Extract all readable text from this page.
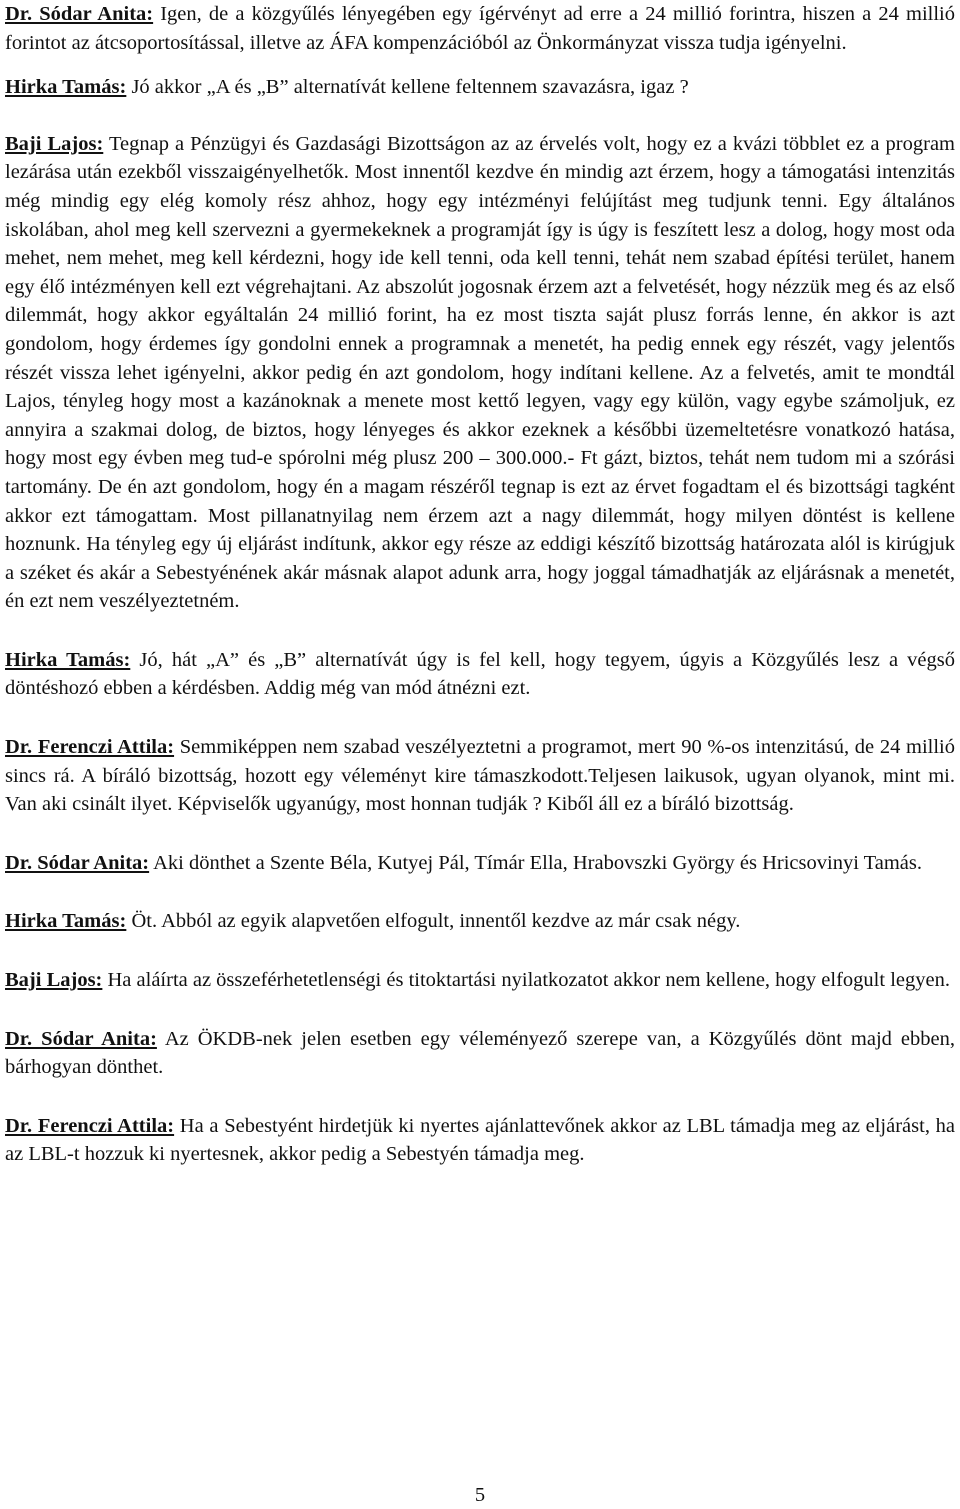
Dr. Sódar Anita: Igen, de a közgyűlés lényegében egy ígérvényt ad erre a 24 millió forintra, hiszen a 24 millió forintot az átcsoportosítással, illetve az ÁFA kompenzációból az Önkormányzat vissza tudja igényelni.

Hirka Tamás: Jó akkor „A és „B” alternatívát kellene feltennem szavazásra, igaz ?

Baji Lajos: Tegnap a Pénzügyi és Gazdasági Bizottságon az az érvelés volt, hogy ez a kvázi többlet ez a program lezárása után ezekből visszaigényelhetők. Most innentől kezdve én mindig azt érzem, hogy a támogatási intenzitás még mindig egy elég komoly rész ahhoz, hogy egy intézményi felújítást meg tudjunk tenni. Egy általános iskolában, ahol meg kell szervezni a gyermekeknek a programját így is úgy is feszített lesz a dolog, hogy most oda mehet, nem mehet, meg kell kérdezni, hogy ide kell tenni, oda kell tenni, tehát nem szabad építési terület, hanem egy élő intézményen kell ezt végrehajtani. Az abszolút jogosnak érzem azt a felvetését, hogy nézzük meg és az első dilemmát, hogy akkor egyáltalán 24 millió forint, ha ez most tiszta saját plusz forrás lenne, én akkor is azt gondolom, hogy érdemes így gondolni ennek a programnak a menetét, ha pedig ennek egy részét, vagy jelentős részét vissza lehet igényelni, akkor pedig én azt gondolom, hogy indítani kellene. Az a felvetés, amit te mondtál Lajos, tényleg hogy most a kazánoknak a menete most kettő legyen, vagy egy külön, vagy egybe számoljuk, ez annyira a szakmai dolog, de biztos, hogy lényeges és akkor ezeknek a későbbi üzemeltetésre vonatkozó hatása, hogy most egy évben meg tud-e spórolni még plusz 200 – 300.000.- Ft gázt, biztos, tehát nem tudom mi a szórási tartomány. De én azt gondolom, hogy én a magam részéről tegnap is ezt az érvet fogadtam el és bizottsági tagként akkor ezt támogattam. Most pillanatnyilag nem érzem azt a nagy dilemmát, hogy milyen döntést is kellene hoznunk. Ha tényleg egy új eljárást indítunk, akkor egy része az eddigi készítő bizottság határozata alól is kirúgjuk a széket és akár a Sebestyénének akár másnak alapot adunk arra, hogy joggal támadhatják az eljárásnak a menetét, én ezt nem veszélyeztetném.

Hirka Tamás: Jó, hát „A” és „B” alternatívát úgy is fel kell, hogy tegyem, úgyis a Közgyűlés lesz a végső döntéshozó ebben a kérdésben. Addig még van mód átnézni ezt.

Dr. Ferenczi Attila: Semmiképpen nem szabad veszélyeztetni a programot, mert 90 %-os intenzitású, de 24 millió sincs rá. A bíráló bizottság, hozott egy véleményt kire támaszkodott.Teljesen laikusok, ugyan olyanok, mint mi. Van aki csinált ilyet. Képviselők ugyanúgy, most honnan tudják ? Kiből áll ez a bíráló bizottság.

Dr. Sódar Anita: Aki dönthet a Szente Béla, Kutyej Pál, Tímár Ella, Hrabovszki György és Hricsovinyi Tamás.

Hirka Tamás: Öt. Abból az egyik alapvetően elfogult, innentől kezdve az már csak négy.

Baji Lajos: Ha aláírta az összeférhetetlenségi és titoktartási nyilatkozatot akkor nem kellene, hogy elfogult legyen.

Dr. Sódar Anita: Az ÖKDB-nek jelen esetben egy véleményező szerepe van, a Közgyűlés dönt majd ebben, bárhogyan dönthet.

Dr. Ferenczi Attila: Ha a Sebestyént hirdetjük ki nyertes ajánlattevőnek akkor az LBL támadja meg az eljárást, ha az LBL-t hozzuk ki nyertesnek, akkor pedig a Sebestyén támadja meg.

5
